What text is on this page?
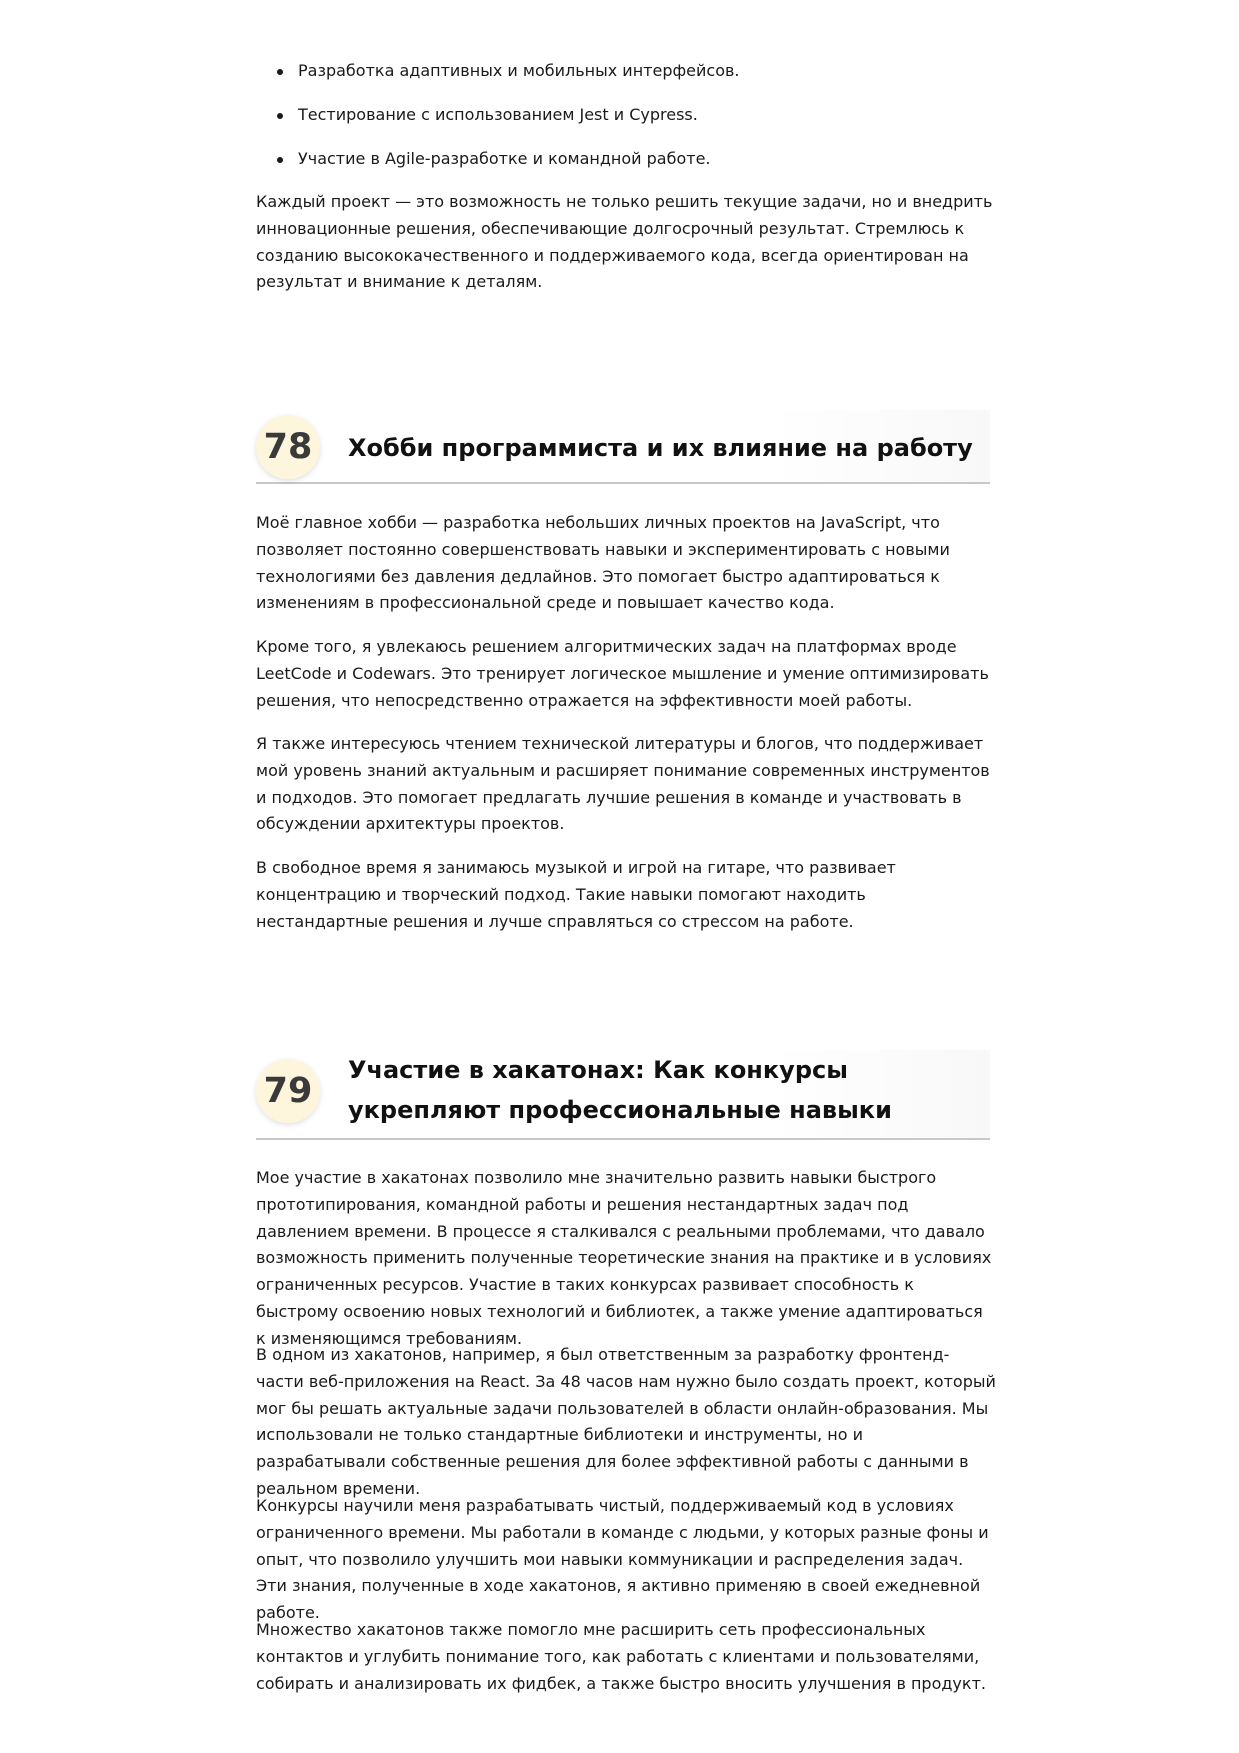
Разработка адаптивных и мобильных интерфейсов.
Тестирование с использованием Jest и Cypress.
Участие в Agile-разработке и командной работе.

Каждый проект — это возможность не только решить текущие задачи, но и внедрить инновационные решения, обеспечивающие долгосрочный результат. Стремлюсь к созданию высококачественного и поддерживаемого кода, всегда ориентирован на результат и внимание к деталям.

78	Хобби программиста и их влияние на работу

Моё главное хобби — разработка небольших личных проектов на JavaScript, что позволяет постоянно совершенствовать навыки и экспериментировать с новыми технологиями без давления дедлайнов. Это помогает быстро адаптироваться к изменениям в профессиональной среде и повышает качество кода.

Кроме того, я увлекаюсь решением алгоритмических задач на платформах вроде LeetCode и Codewars. Это тренирует логическое мышление и умение оптимизировать решения, что непосредственно отражается на эффективности моей работы.

Я также интересуюсь чтением технической литературы и блогов, что поддерживает мой уровень знаний актуальным и расширяет понимание современных инструментов и подходов. Это помогает предлагать лучшие решения в команде и участвовать в обсуждении архитектуры проектов.

В свободное время я занимаюсь музыкой и игрой на гитаре, что развивает концентрацию и творческий подход. Такие навыки помогают находить нестандартные решения и лучше справляться со стрессом на работе.

79
Участие в хакатонах: Как конкурсы укрепляют профессиональные навыки

Мое участие в хакатонах позволило мне значительно развить навыки быстрого прототипирования, командной работы и решения нестандартных задач под давлением времени. В процессе я сталкивался с реальными проблемами, что давало возможность применить полученные теоретические знания на практике и в условиях ограниченных ресурсов. Участие в таких конкурсах развивает способность к быстрому освоению новых технологий и библиотек, а также умение адаптироваться к изменяющимся требованиям.

В одном из хакатонов, например, я был ответственным за разработку фронтенд-части веб-приложения на React. За 48 часов нам нужно было создать проект, который мог бы решать актуальные задачи пользователей в области онлайн-образования. Мы использовали не только стандартные библиотеки и инструменты, но и разрабатывали собственные решения для более эффективной работы с данными в реальном времени.

Конкурсы научили меня разрабатывать чистый, поддерживаемый код в условиях ограниченного времени. Мы работали в команде с людьми, у которых разные фоны и опыт, что позволило улучшить мои навыки коммуникации и распределения задач. Эти знания, полученные в ходе хакатонов, я активно применяю в своей ежедневной работе.

Множество хакатонов также помогло мне расширить сеть профессиональных контактов и углубить понимание того, как работать с клиентами и пользователями, собирать и анализировать их фидбек, а также быстро вносить улучшения в продукт.
